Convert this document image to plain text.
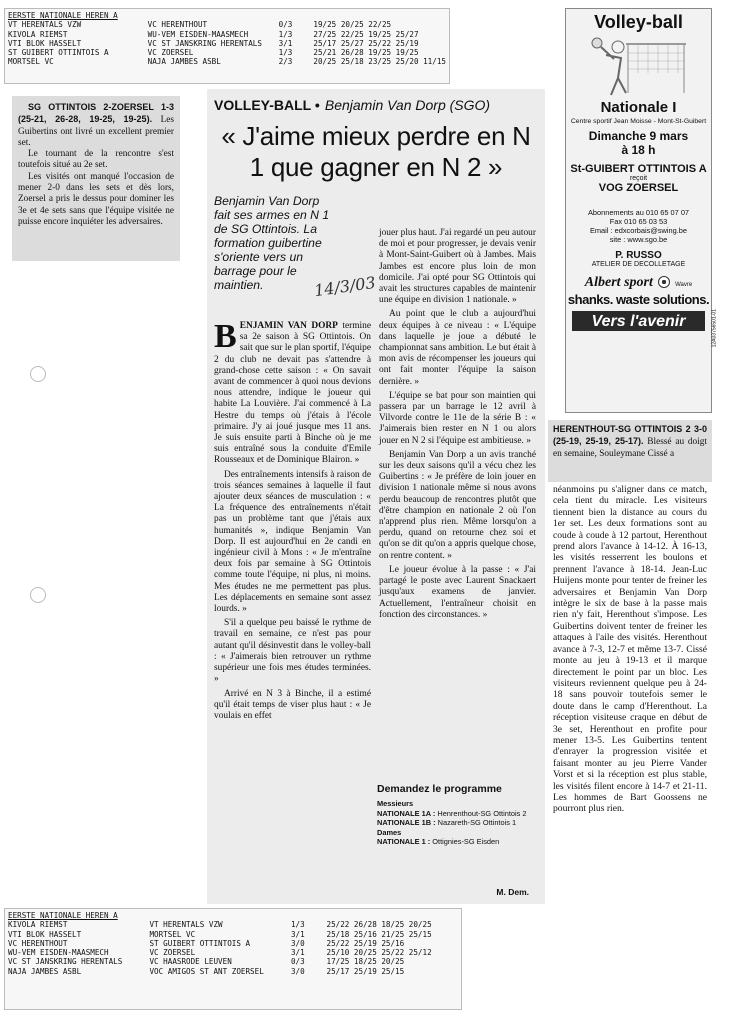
EERSTE NATIONALE HEREN A
VT HERENTALS VZW	VC HERENTHOUT	0/3	19/25 20/25 22/25
KIVOLA RIEMST	WU-VEM EISDEN-MAASMECH	1/3	27/25 22/25 19/25 25/27
VTI BLOK HASSELT	VC ST JANSKRING HERENTALS	3/1	25/17 25/27 25/22 25/19
ST GUIBERT OTTINTOIS A	VC ZOERSEL	1/3	25/21 26/28 19/25 19/25
MORTSEL VC	NAJA JAMBES ASBL	2/3	20/25 25/18 23/25 25/20 11/15
SG OTTINTOIS 2-ZOERSEL 1-3 (25-21, 26-28, 19-25, 19-25). Les Guibertins ont livré un excellent premier set.

Le tournant de la rencontre s'est toutefois situé au 2e set.

Les visités ont manqué l'occasion de mener 2-0 dans les sets et dès lors, Zoersel a pris le dessus pour dominer les 3e et 4e sets sans que l'équipe visitée ne puisse encore inquiéter les adversaires.

VOLLEY-BALL • Benjamin Van Dorp (SGO)
« J'aime mieux perdre en N 1 que gagner en N 2 »
Benjamin Van Dorp fait ses armes en N 1 de SG Ottintois. La formation guibertine s'oriente vers un barrage pour le maintien.	14/3/03

BENJAMIN VAN DORP termine sa 2e saison à SG Ottintois. On sait que sur le plan sportif, l'équipe 2 du club ne devait pas s'attendre à grand-chose cette saison : « On savait avant de commencer à quoi nous devions nous attendre, indique le joueur qui habite La Louvière. J'ai commencé à La Hestre du temps où j'étais à l'école primaire. J'y ai joué jusque mes 11 ans. Je suis ensuite parti à Binche où je me suis entraîné sous la conduite d'Emile Rousseaux et de Dominique Blairon. »

Des entraînements intensifs à raison de trois séances semaines à laquelle il faut ajouter deux séances de musculation : « La fréquence des entraînements n'était pas un problème tant que j'étais aux humanités », indique Benjamin Van Dorp. Il est aujourd'hui en 2e candi en ingénieur civil à Mons : « Je m'entraîne deux fois par semaine à SG Ottintois comme toute l'équipe, ni plus, ni moins. Mes études ne me permettent pas plus. Les déplacements en semaine sont assez lourds. »

S'il a quelque peu baissé le rythme de travail en semaine, ce n'est pas pour autant qu'il désinvestit dans le volley-ball : « J'aimerais bien retrouver un rythme supérieur une fois mes études terminées. »

Arrivé en N 3 à Binche, il a estimé qu'il était temps de viser plus haut : « Je voulais en effet

jouer plus haut. J'ai regardé un peu autour de moi et pour progresser, je devais venir à Mont-Saint-Guibert où à Jambes. Mais Jambes est encore plus loin de mon domicile. J'ai opté pour SG Ottintois qui avait les structures capables de maintenir une équipe en division 1 nationale. »

Au point que le club a aujourd'hui deux équipes à ce niveau : « L'équipe dans laquelle je joue a débuté le championnat sans ambition. Le but était à mon avis de récompenser les joueurs qui ont fait monter l'équipe la saison dernière. »

L'équipe se bat pour son maintien qui passera par un barrage le 12 avril à Vilvorde contre le 11e de la série B : « J'aimerais bien rester en N 1 ou alors jouer en N 2 si l'équipe est ambitieuse. »

Benjamin Van Dorp a un avis tranché sur les deux saisons qu'il a vécu chez les Guibertins : « Je préfère de loin jouer en division 1 nationale même si nous avons perdu beaucoup de rencontres plutôt que d'être champion en nationale 2 où l'on n'apprend plus rien. Même lorsqu'on a perdu, quand on retourne chez soi et qu'on se dit qu'on a appris quelque chose, on rentre content. »

Le joueur évolue à la passe : « J'ai partagé le poste avec Laurent Snackaert jusqu'aux examens de janvier. Actuellement, l'entraîneur choisit en fonction des circonstances. »

Demandez le programme
Messieurs
NATIONALE 1A : Henrenthout-SG Ottintois 2
NATIONALE 1B : Nazareth-SG Ottintois 1
Dames
NATIONALE 1 : Ottignies-SG Eisden
M. Dem.
Volley-ball
Nationale I
Centre sportif Jean Moisse - Mont-St-Guibert
Dimanche 9 mars
à 18 h
St-GUIBERT OTTINTOIS A
reçoit
VOG ZOERSEL
Abonnements au 010 65 07 07
Fax 010 65 03 53
Email : edxcorbais@swing.be
site : www.sgo.be
P. RUSSO
ATELIER DE DECOLLETAGE
Albert sport	Wavre
shanks. waste solutions.
Vers l'avenir	12A03756501-01
HERENTHOUT-SG OTTINTOIS 2 3-0 (25-19, 25-19, 25-17). Blessé au doigt en semaine, Souleymane Cissé a

néanmoins pu s'aligner dans ce match, cela tient du miracle. Les visiteurs tiennent bien la distance au cours du 1er set. Les deux formations sont au coude à coude à 12 partout, Herenthout prend alors l'avance à 14-12. À 16-13, les visités resserrent les boulons et prennent l'avance à 18-14. Jean-Luc Huijens monte pour tenter de freiner les adversaires et Benjamin Van Dorp intègre le six de base à la passe mais rien n'y fait, Herenthout s'impose. Les Guibertins doivent tenter de freiner les attaques à l'aile des visités. Herenthout avance à 7-3, 12-7 et même 13-7. Cissé monte au jeu à 19-13 et il marque directement le point par un bloc. Les visiteurs reviennent quelque peu à 24-18 sans pouvoir toutefois semer le doute dans le camp d'Herenthout. La réception visiteuse craque en début de 3e set, Herenthout en profite pour mener 13-5. Les Guibertins tentent d'enrayer la progression visitée et faisant monter au jeu Pierre Vander Vorst et si la réception est plus stable, les visités filent encore à 14-7 et 21-11. Les hommes de Bart Goossens ne pourront plus rien.

EERSTE NATIONALE HEREN A
KIVOLA RIEMST	VT HERENTALS VZW	1/3	25/22 26/28 18/25 20/25
VTI BLOK HASSELT	MORTSEL VC	3/1	25/18 25/16 21/25 25/15
VC HERENTHOUT	ST GUIBERT OTTINTOIS A	3/0	25/22 25/19 25/16
WU-VEM EISDEN-MAASMECH	VC ZOERSEL	3/1	25/10 20/25 25/22 25/12
VC ST JANSKRING HERENTALS	VC HAASRODE LEUVEN	0/3	17/25 18/25 20/25
NAJA JAMBES ASBL	VOC AMIGOS ST ANT ZOERSEL	3/0	25/17 25/19 25/15
